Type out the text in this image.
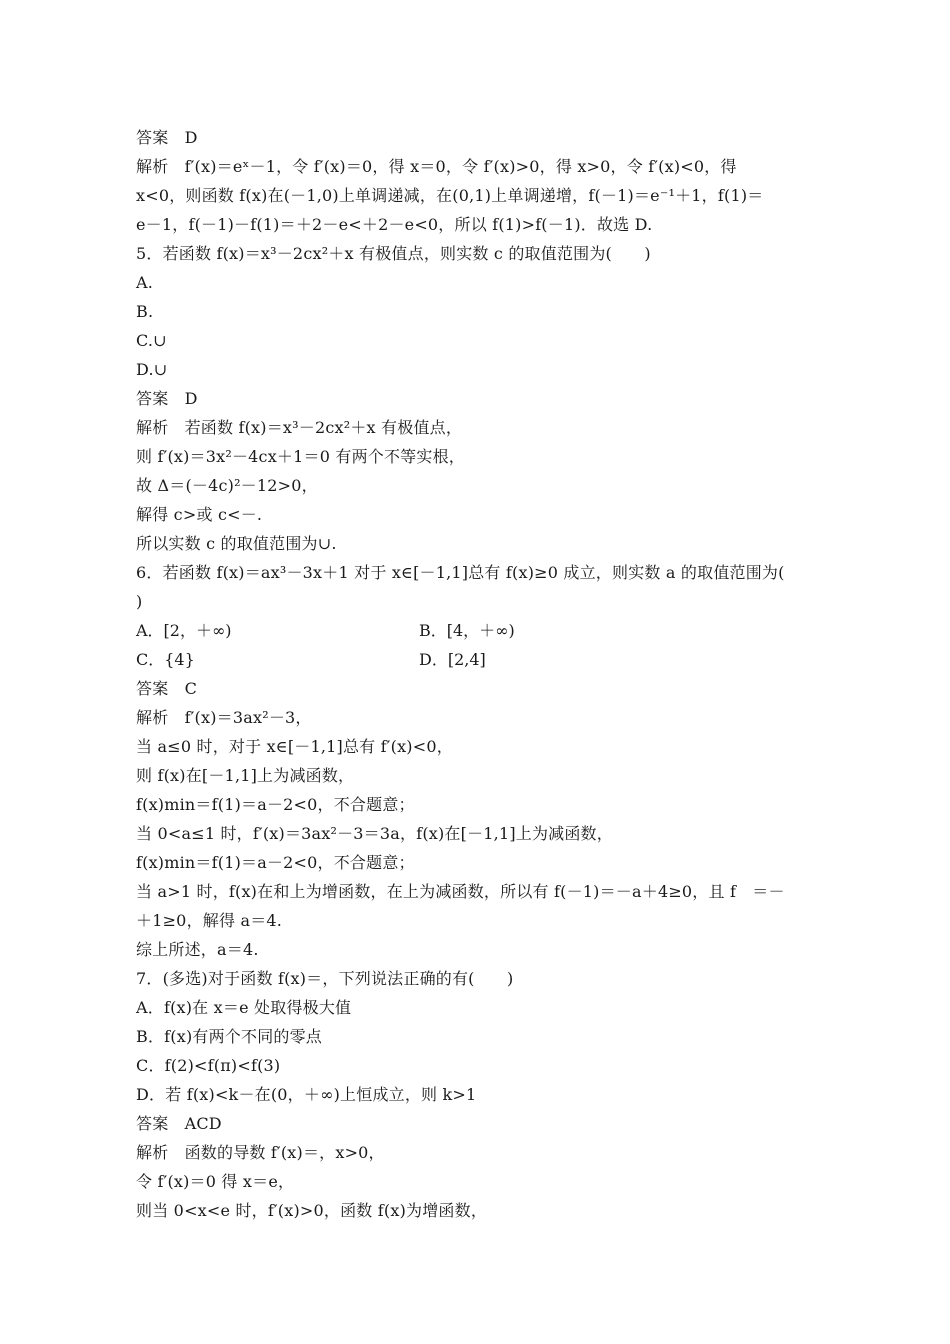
答案　D
解析　f′(x)＝eˣ－1，令 f′(x)＝0，得 x＝0，令 f′(x)>0，得 x>0，令 f′(x)<0，得
x<0，则函数 f(x)在(－1,0)上单调递减，在(0,1)上单调递增，f(－1)＝e⁻¹＋1，f(1)＝
e－1，f(－1)－f(1)＝＋2－e<＋2－e<0，所以 f(1)>f(－1)．故选 D.
5．若函数 f(x)＝x³－2cx²＋x 有极值点，则实数 c 的取值范围为(　　)
A.
B.
C.∪
D.∪
答案　D
解析　若函数 f(x)＝x³－2cx²＋x 有极值点，
则 f′(x)＝3x²－4cx＋1＝0 有两个不等实根，
故 Δ＝(－4c)²－12>0，
解得 c>或 c<－.
所以实数 c 的取值范围为∪.
6．若函数 f(x)＝ax³－3x＋1 对于 x∈[－1,1]总有 f(x)≥0 成立，则实数 a 的取值范围为(
)
A．[2，＋∞)	B．[4，＋∞)
C．{4}	D．[2,4]
答案　C
解析　f′(x)＝3ax²－3，
当 a≤0 时，对于 x∈[－1,1]总有 f′(x)<0，
则 f(x)在[－1,1]上为减函数，
f(x)min＝f(1)＝a－2<0，不合题意；
当 0<a≤1 时，f′(x)＝3ax²－3＝3a，f(x)在[－1,1]上为减函数，
f(x)min＝f(1)＝a－2<0，不合题意；
当 a>1 时，f(x)在和上为增函数，在上为减函数，所以有 f(－1)＝－a＋4≥0，且 f　＝－
＋1≥0，解得 a＝4.
综上所述，a＝4.
7．(多选)对于函数 f(x)＝，下列说法正确的有(　　)
A．f(x)在 x＝e 处取得极大值
B．f(x)有两个不同的零点
C．f(2)<f(π)<f(3)
D．若 f(x)<k－在(0，＋∞)上恒成立，则 k>1
答案　ACD
解析　函数的导数 f′(x)＝，x>0，
令 f′(x)＝0 得 x＝e，
则当 0<x<e 时，f′(x)>0，函数 f(x)为增函数，
